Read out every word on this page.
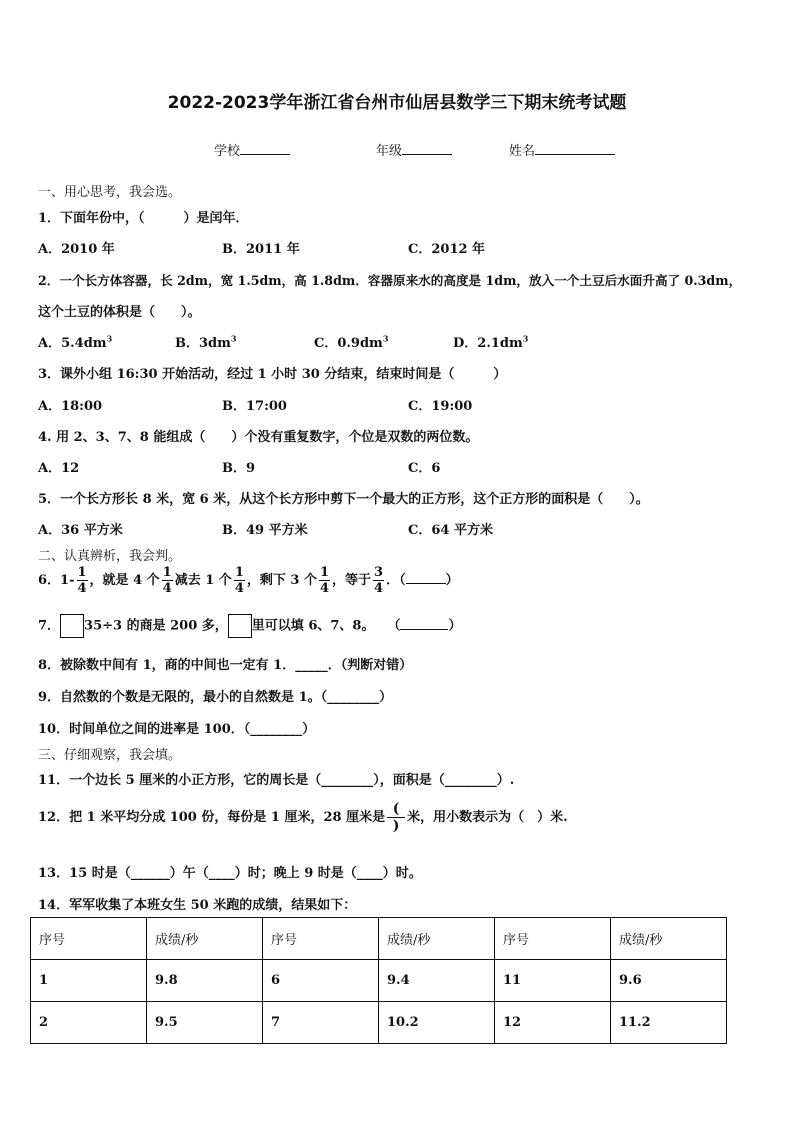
2022-2023学年浙江省台州市仙居县数学三下期末统考试题
学校	年级	姓名
一、用心思考，我会选。
1．下面年份中，（　　　）是闰年．
A．2010 年	B．2011 年	C．2012 年
2．一个长方体容器，长 2dm，宽 1.5dm，高 1.8dm．容器原来水的高度是 1dm，放入一个土豆后水面升高了 0.3dm，
这个土豆的体积是（　　）。
A．$5.4dm^3$	B．$3dm^3$	C．$0.9dm^3$	D．$2.1dm^3$
3．课外小组 16:30 开始活动，经过 1 小时 30 分结束，结束时间是（　　　）
A．18:00	B．17:00	C．19:00
4. 用 2、3、7、8 能组成（　　）个没有重复数字，个位是双数的两位数。
A．12	B．9	C．6
5．一个长方形长 8 米，宽 6 米，从这个长方形中剪下一个最大的正方形，这个正方形的面积是（　　）。
A．36 平方米	B．49 平方米	C．64 平方米
二、认真辨析，我会判。
6．$1- \frac{1}{4}$ ，就是 4 个 $\frac{1}{4}$ 减去 1 个 $\frac{1}{4}$ ，剩下 3 个 $\frac{1}{4}$ ，等于 $\frac{3}{4}$ ．（	）
7． 35÷3 的商是 200 多， 里可以填 6、7、8。　　（	）
8．被除数中间有 1，商的中间也一定有 1．_____．（判断对错）
9．自然数的个数是无限的，最小的自然数是 1。（________）
10．时间单位之间的进率是 100．（________）
三、仔细观察，我会填。
11．一个边长 5 厘米的小正方形，它的周长是（________），面积是（________）.
12．把 1 米平均分成 100 份，每份是 1 厘米，28 厘米是
(
)
米，用小数表示为（　）米.
13．15 时是（______）午（____）时；晚上 9 时是（____）时。
14．军军收集了本班女生 50 米跑的成绩，结果如下：
序号	成绩/秒	序号	成绩/秒	序号	成绩/秒
1	9.8	6	9.4	11	9.6
2	9.5	7	10.2	12	11.2
